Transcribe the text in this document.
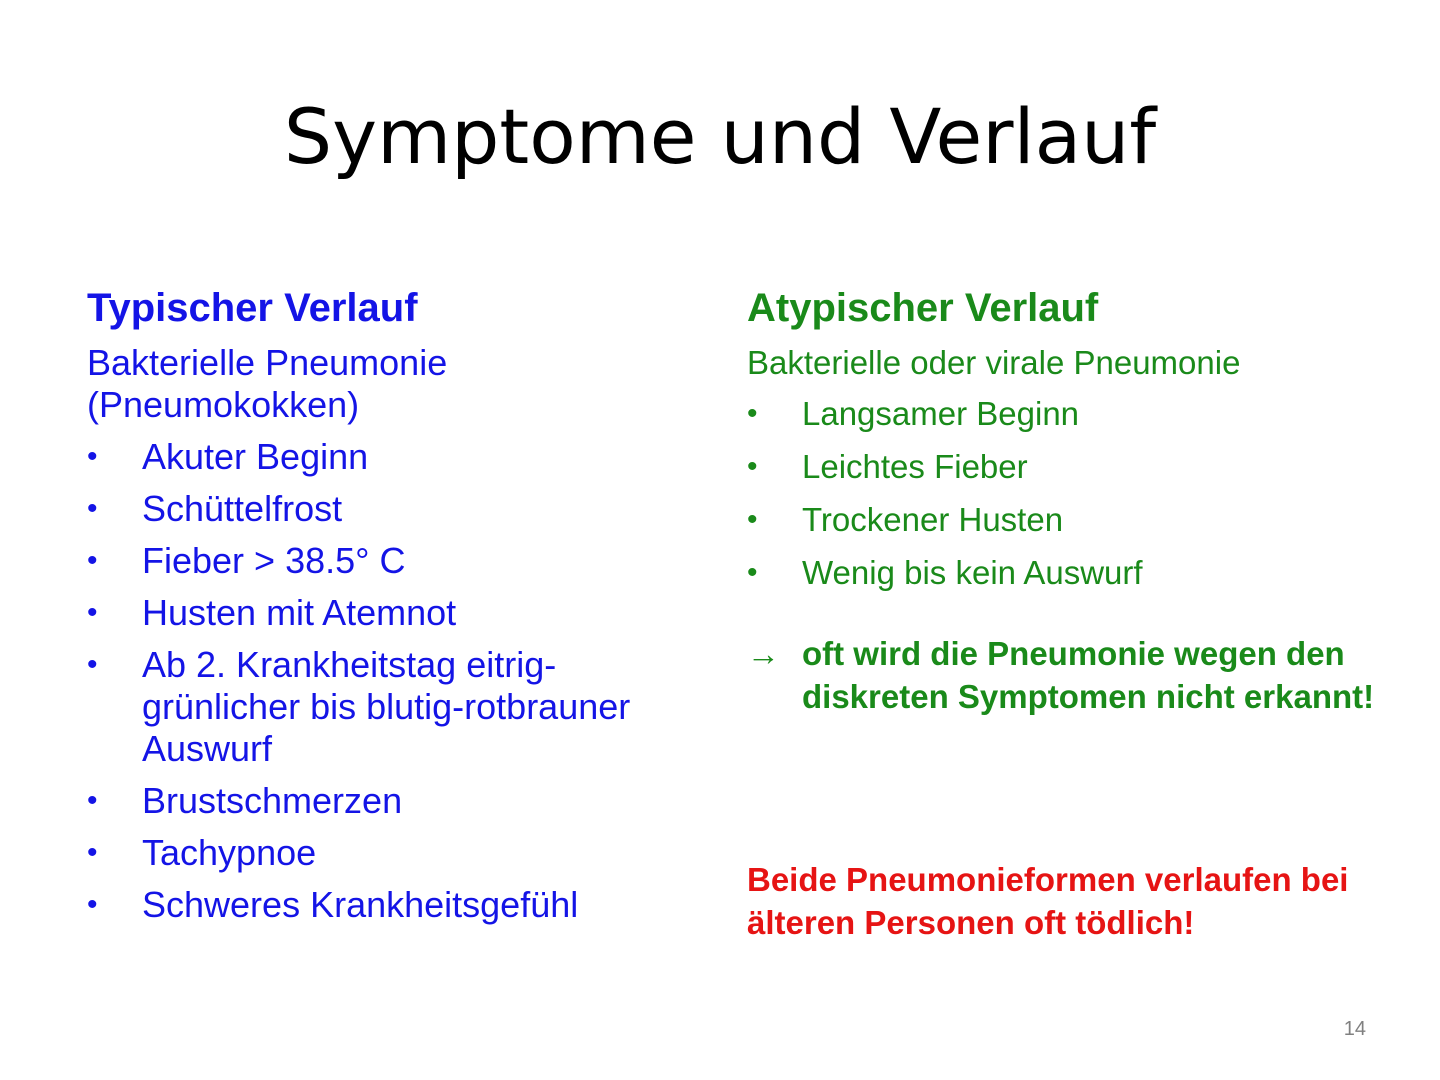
Symptome und Verlauf
Typischer Verlauf
Bakterielle Pneumonie (Pneumokokken)
• Akuter Beginn
• Schüttelfrost
• Fieber > 38.5° C
• Husten mit Atemnot
• Ab 2. Krankheitstag eitrig-grünlicher bis blutig-rotbrauner Auswurf
• Brustschmerzen
• Tachypnoe
• Schweres Krankheitsgefühl
Atypischer Verlauf
Bakterielle oder virale Pneumonie
• Langsamer Beginn
• Leichtes Fieber
• Trockener Husten
• Wenig bis kein Auswurf
→ oft wird die Pneumonie wegen den diskreten Symptomen nicht erkannt!
Beide Pneumonieformen verlaufen bei älteren Personen oft tödlich!
14
